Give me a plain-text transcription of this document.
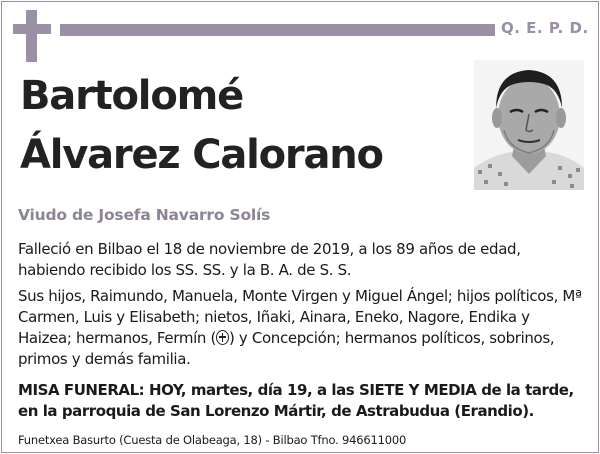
Q. E. P. D.
Bartolomé
Álvarez Calorano
Viudo de Josefa Navarro Solís

Falleció en Bilbao el 18 de noviembre de 2019, a los 89 años de edad, habiendo recibido los SS. SS. y la B. A. de S. S.

Sus hijos, Raimundo, Manuela, Monte Virgen y Miguel Ángel; hijos políticos, Mª Carmen, Luis y Elisabeth; nietos, Iñaki, Ainara, Eneko, Nagore, Endika y Haizea; hermanos, Fermín ( ) y Concepción; hermanos políticos, sobrinos, primos y demás familia.

MISA FUNERAL: HOY, martes, día 19, a las SIETE Y MEDIA de la tarde, en la parroquia de San Lorenzo Mártir, de Astrabudua (Erandio).

Funetxea Basurto (Cuesta de Olabeaga, 18) - Bilbao Tfno. 946611000
